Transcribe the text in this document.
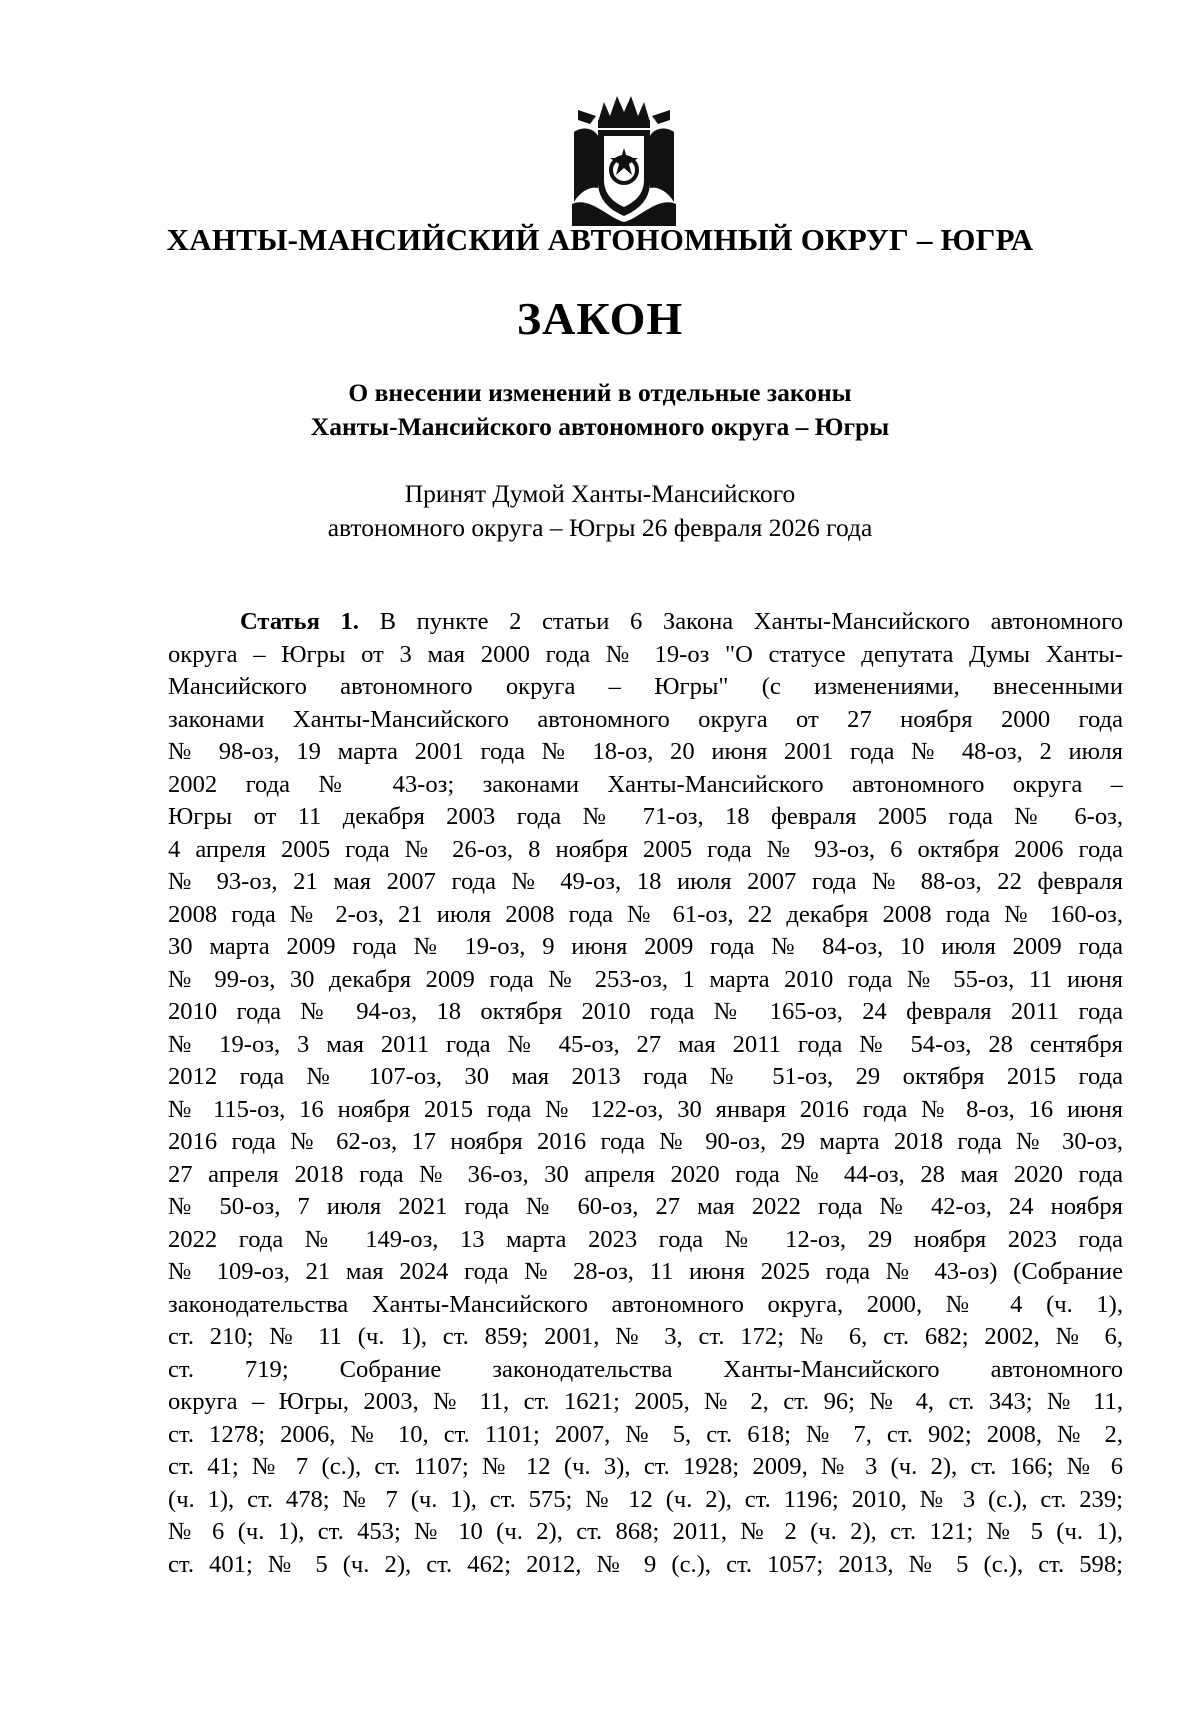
ХАНТЫ-МАНСИЙСКИЙ АВТОНОМНЫЙ ОКРУГ – ЮГРА
ЗАКОН
О внесении изменений в отдельные законы
Ханты-Мансийского автономного округа – Югры
Принят Думой Ханты-Мансийского
автономного округа – Югры 26 февраля 2026 года
Статья 1. В пункте 2 статьи 6 Закона Ханты-Мансийского автономного
округа – Югры от 3 мая 2000 года № 19-оз "О статусе депутата Думы Ханты-
Мансийского автономного округа – Югры" (с изменениями, внесенными
законами Ханты-Мансийского автономного округа от 27 ноября 2000 года
№ 98-оз, 19 марта 2001 года № 18-оз, 20 июня 2001 года № 48-оз, 2 июля
2002 года № 43-оз; законами Ханты-Мансийского автономного округа –
Югры от 11 декабря 2003 года № 71-оз, 18 февраля 2005 года № 6-оз,
4 апреля 2005 года № 26-оз, 8 ноября 2005 года № 93-оз, 6 октября 2006 года
№ 93-оз, 21 мая 2007 года № 49-оз, 18 июля 2007 года № 88-оз, 22 февраля
2008 года № 2-оз, 21 июля 2008 года № 61-оз, 22 декабря 2008 года № 160-оз,
30 марта 2009 года № 19-оз, 9 июня 2009 года № 84-оз, 10 июля 2009 года
№ 99-оз, 30 декабря 2009 года № 253-оз, 1 марта 2010 года № 55-оз, 11 июня
2010 года № 94-оз, 18 октября 2010 года № 165-оз, 24 февраля 2011 года
№ 19-оз, 3 мая 2011 года № 45-оз, 27 мая 2011 года № 54-оз, 28 сентября
2012 года № 107-оз, 30 мая 2013 года № 51-оз, 29 октября 2015 года
№ 115-оз, 16 ноября 2015 года № 122-оз, 30 января 2016 года № 8-оз, 16 июня
2016 года № 62-оз, 17 ноября 2016 года № 90-оз, 29 марта 2018 года № 30-оз,
27 апреля 2018 года № 36-оз, 30 апреля 2020 года № 44-оз, 28 мая 2020 года
№ 50-оз, 7 июля 2021 года № 60-оз, 27 мая 2022 года № 42-оз, 24 ноября
2022 года № 149-оз, 13 марта 2023 года № 12-оз, 29 ноября 2023 года
№ 109-оз, 21 мая 2024 года № 28-оз, 11 июня 2025 года № 43-оз) (Собрание
законодательства Ханты-Мансийского автономного округа, 2000, № 4 (ч. 1),
ст. 210; № 11 (ч. 1), ст. 859; 2001, № 3, ст. 172; № 6, ст. 682; 2002, № 6,
ст. 719; Собрание законодательства Ханты-Мансийского автономного
округа – Югры, 2003, № 11, ст. 1621; 2005, № 2, ст. 96; № 4, ст. 343; № 11,
ст. 1278; 2006, № 10, ст. 1101; 2007, № 5, ст. 618; № 7, ст. 902; 2008, № 2,
ст. 41; № 7 (с.), ст. 1107; № 12 (ч. 3), ст. 1928; 2009, № 3 (ч. 2), ст. 166; № 6
(ч. 1), ст. 478; № 7 (ч. 1), ст. 575; № 12 (ч. 2), ст. 1196; 2010, № 3 (с.), ст. 239;
№ 6 (ч. 1), ст. 453; № 10 (ч. 2), ст. 868; 2011, № 2 (ч. 2), ст. 121; № 5 (ч. 1),
ст. 401; № 5 (ч. 2), ст. 462; 2012, № 9 (с.), ст. 1057; 2013, № 5 (с.), ст. 598;
